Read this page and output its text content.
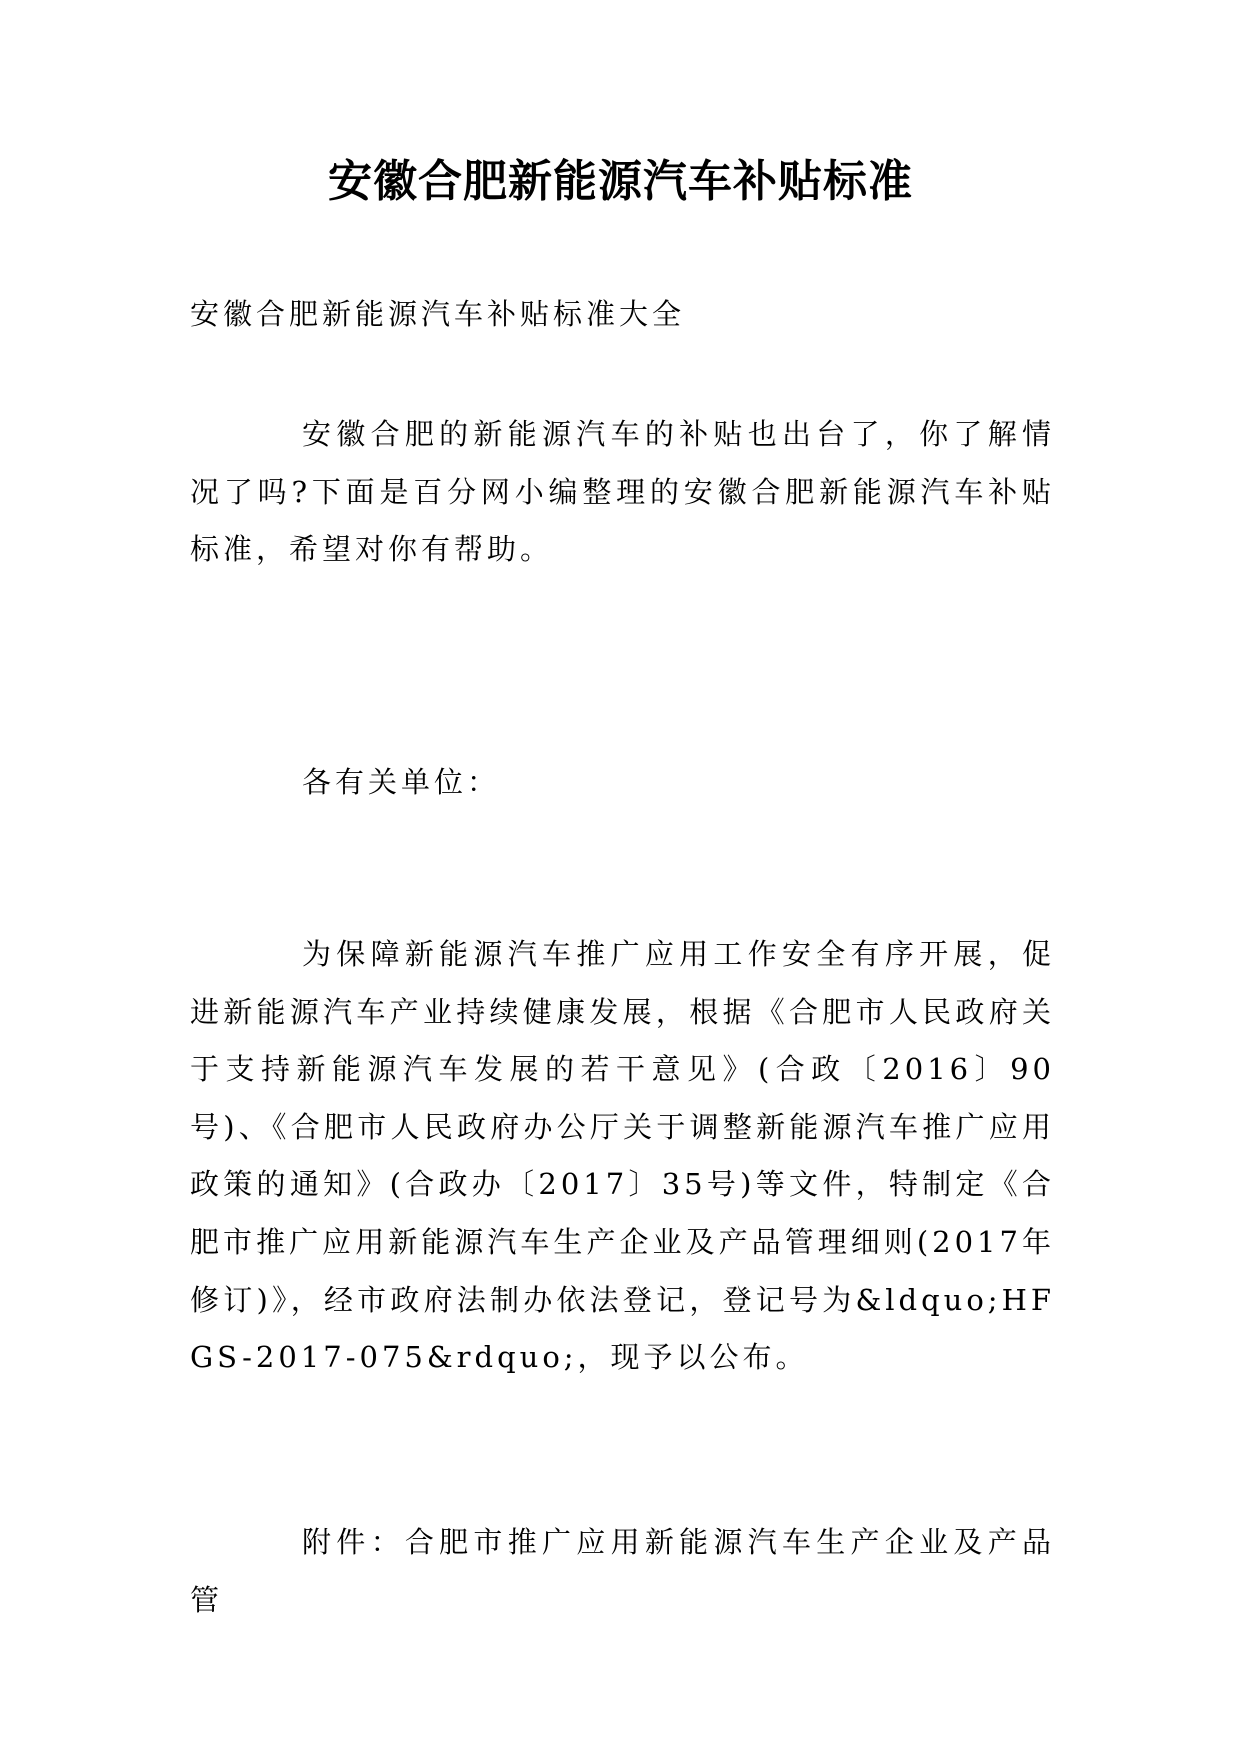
安徽合肥新能源汽车补贴标准

安徽合肥新能源汽车补贴标准大全

安徽合肥的新能源汽车的补贴也出台了，你了解情况了吗?下面是百分网小编整理的安徽合肥新能源汽车补贴标准，希望对你有帮助。

各有关单位：

为保障新能源汽车推广应用工作安全有序开展，促进新能源汽车产业持续健康发展，根据《合肥市人民政府关于支持新能源汽车发展的若干意见》(合政〔2016〕90号)、《合肥市人民政府办公厅关于调整新能源汽车推广应用政策的通知》(合政办〔2017〕35号)等文件，特制定《合肥市推广应用新能源汽车生产企业及产品管理细则(2017年修订)》，经市政府法制办依法登记，登记号为&ldquo;HFGS-2017-075&rdquo;，现予以公布。

附件：合肥市推广应用新能源汽车生产企业及产品管
